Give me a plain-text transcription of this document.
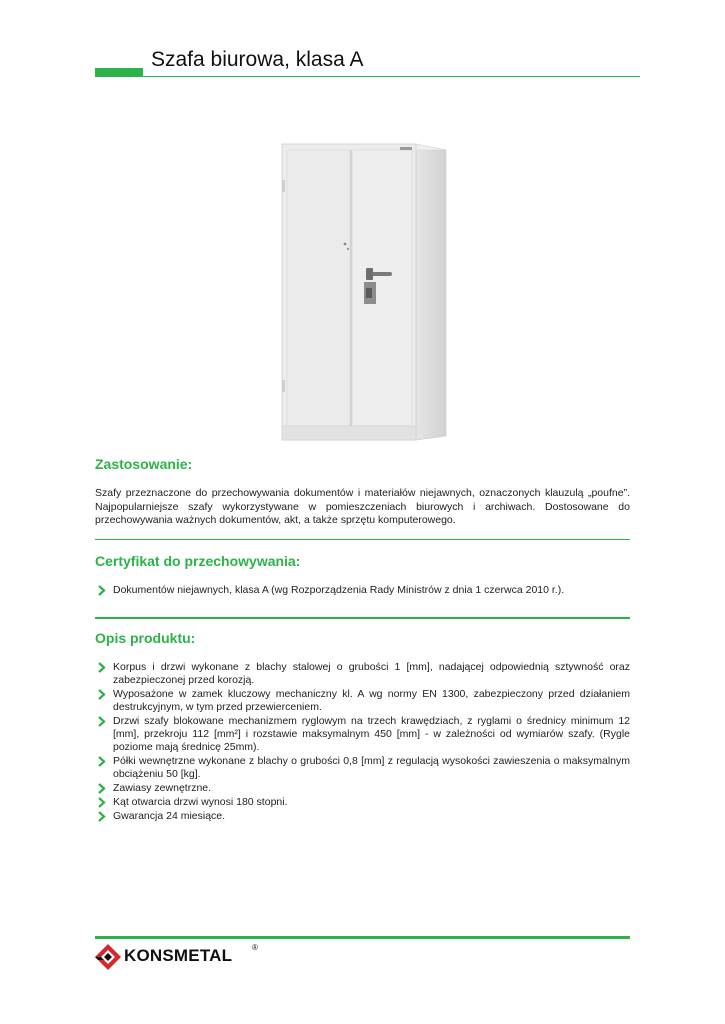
Szafa biurowa, klasa A
Zastosowanie:
Szafy przeznaczone do przechowywania dokumentów i materiałów niejawnych, oznaczonych klauzulą „poufne”. Najpopularniejsze szafy wykorzystywane w pomieszczeniach biurowych i archiwach. Dostosowane do przechowywania ważnych dokumentów, akt, a także sprzętu komputerowego.
Certyfikat do przechowywania:
Dokumentów niejawnych, klasa A (wg Rozporządzenia Rady Ministrów z dnia 1 czerwca 2010 r.).
Opis produktu:
Korpus i drzwi wykonane z blachy stalowej o grubości 1 [mm], nadającej odpowiednią sztywność oraz zabezpieczonej przed korozją.
Wyposażone w zamek kluczowy mechaniczny kl. A wg normy EN 1300, zabezpieczony przed działaniem destrukcyjnym, w tym przed przewierceniem.
Drzwi szafy blokowane mechanizmem ryglowym na trzech krawędziach, z ryglami o średnicy minimum 12 [mm], przekroju 112 [mm²] i rozstawie maksymalnym 450 [mm] - w zależności od wymiarów szafy. (Rygle poziome mają średnicę 25mm).
Półki wewnętrzne wykonane z blachy o grubości 0,8 [mm] z regulacją wysokości zawieszenia o maksymalnym obciążeniu 50 [kg].
Zawiasy zewnętrzne.
Kąt otwarcia drzwi wynosi 180 stopni.
Gwarancja 24 miesiące.
KONSMETAL ®
